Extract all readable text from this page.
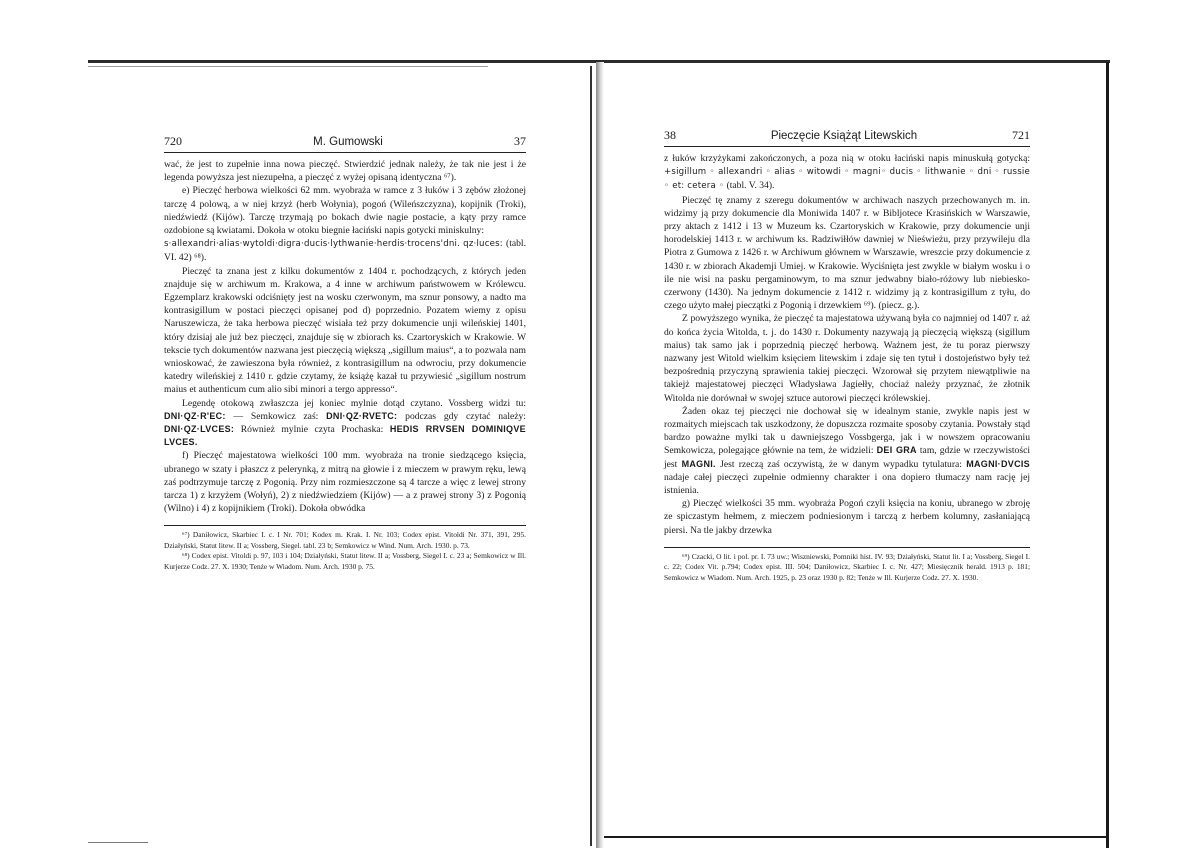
720	M. Gumowski	37

wać, że jest to zupełnie inna nowa pieczęć. Stwierdzić jednak należy, że tak nie jest i że legenda powyższa jest niezupełna, a pieczęć z wyżej opisaną identyczna ⁶⁷).

e) Pieczęć herbowa wielkości 62 mm. wyobraża w ramce z 3 łuków i 3 zębów złożonej tarczę 4 polową, a w niej krzyż (herb Wołynia), pogoń (Wileńszczyzna), kopijnik (Troki), niedźwiedź (Kijów). Tarczę trzymają po bokach dwie nagie postacie, a kąty przy ramce ozdobione są kwiatami. Dokoła w otoku biegnie łaciński napis gotycki miniskulny:

s·allexandri·alias·wytoldi·digra·ducis·lythwanie·herdis·trocens'dni. qz·luces: (tabl. VI. 42) ⁶⁸).

Pieczęć ta znana jest z kilku dokumentów z 1404 r. pochodzących, z których jeden znajduje się w archiwum m. Krakowa, a 4 inne w archiwum państwowem w Królewcu. Egzemplarz krakowski odciśnięty jest na wosku czerwonym, ma sznur ponsowy, a nadto ma kontrasigillum w postaci pieczęci opisanej pod d) poprzednio. Pozatem wiemy z opisu Naruszewicza, że taka herbowa pieczęć wisiała też przy dokumencie unji wileńskiej 1401, który dzisiaj ale już bez pieczęci, znajduje się w zbiorach ks. Czartoryskich w Krakowie. W tekscie tych dokumentów nazwana jest pieczęcią większą „sigillum maius“, a to pozwala nam wnioskować, że zawieszona była również, z kontrasigillum na odwrociu, przy dokumencie katedry wileńskiej z 1410 r. gdzie czytamy, że książę kazał tu przywiesić „sigillum nostrum maius et authenticum cum alio sibi minori a tergo appresso“.

Legendę otokową zwłaszcza jej koniec mylnie dotąd czytano. Vossberg widzi tu: DNI·QZ·R'EC: — Semkowicz zaś: DNI·QZ·RVETC: podczas gdy czytać należy: DNI·QZ·LVCES: Również mylnie czyta Prochaska: HEDIS RRVSEN DOMINIQVE LVCES.

f) Pieczęć majestatowa wielkości 100 mm. wyobraża na tronie siedzącego księcia, ubranego w szaty i płaszcz z pelerynką, z mitrą na głowie i z mieczem w prawym ręku, lewą zaś podtrzymuje tarczę z Pogonią. Przy nim rozmieszczone są 4 tarcze a więc z lewej strony tarcza 1) z krzyżem (Wołyń), 2) z niedźwiedziem (Kijów) — a z prawej strony 3) z Pogonią (Wilno) i 4) z kopijnikiem (Troki). Dokoła obwódka

⁶⁷) Daniłowicz, Skarbiec I. c. I Nr. 701; Kodex m. Krak. I. Nr. 103; Codex epist. Vitoldi Nr. 371, 391, 295. Działyński, Statut litew. II a; Vossberg, Siegel. tabl. 23 b; Semkowicz w Wind. Num. Arch. 1930. p. 73.

⁶⁸) Codex epist. Vitoldi p. 97, 103 i 104; Działyński, Statut litew. II a; Vossberg, Siegel I. c. 23 a; Semkowicz w Ill. Kurjerze Codz. 27. X. 1930; Tenże w Wiadom. Num. Arch. 1930 p. 75.

38	Pieczęcie Książąt Litewskich	721

z łuków krzyżykami zakończonych, a poza nią w otoku łaciński napis minuskułą gotycką: +sigillum ◦ allexandri ◦ alias ◦ witowdi ◦ magni◦ ducis ◦ lithwanie ◦ dni ◦ russie ◦ et: cetera ◦ (tabl. V. 34).

Pieczęć tę znamy z szeregu dokumentów w archiwach naszych przechowanych m. in. widzimy ją przy dokumencie dla Moniwida 1407 r. w Bibljotece Krasińskich w Warszawie, przy aktach z 1412 i 13 w Muzeum ks. Czartoryskich w Krakowie, przy dokumencie unji horodelskiej 1413 r. w archiwum ks. Radziwiłłów dawniej w Nieświeżu, przy przywileju dla Piotra z Gumowa z 1426 r. w Archiwum głównem w Warszawie, wreszcie przy dokumencie z 1430 r. w zbiorach Akademji Umiej. w Krakowie. Wyciśnięta jest zwykle w białym wosku i o ile nie wisi na pasku pergaminowym, to ma sznur jedwabny biało-różowy lub niebiesko-czerwony (1430). Na jednym dokumencie z 1412 r. widzimy ją z kontrasigillum z tyłu, do czego użyto małej pieczątki z Pogonią i drzewkiem ⁶⁹). (piecz. g.).

Z powyższego wynika, że pieczęć ta majestatowa używaną była co najmniej od 1407 r. aż do końca życia Witolda, t. j. do 1430 r. Dokumenty nazywają ją pieczęcią większą (sigillum maius) tak samo jak i poprzednią pieczęć herbową. Ważnem jest, że tu poraz pierwszy nazwany jest Witold wielkim księciem litewskim i zdaje się ten tytuł i dostojeństwo były też bezpośrednią przyczyną sprawienia takiej pieczęci. Wzorował się przytem niewątpliwie na takiejż majestatowej pieczęci Władysława Jagiełły, chociaż należy przyznać, że złotnik Witolda nie dorównał w swojej sztuce autorowi pieczęci królewskiej.

Żaden okaz tej pieczęci nie dochował się w idealnym stanie, zwykle napis jest w rozmaitych miejscach tak uszkodzony, że dopuszcza rozmaite sposoby czytania. Powstały stąd bardzo poważne mylki tak u dawniejszego Vossbgerga, jak i w nowszem opracowaniu Semkowicza, polegające głównie na tem, że widzieli: DEI GRA tam, gdzie w rzeczywistości jest MAGNI. Jest rzeczą zaś oczywistą, że w danym wypadku tytulatura: MAGNI·DVCIS nadaje całej pieczęci zupełnie odmienny charakter i ona dopiero tłumaczy nam rację jej istnienia.

g) Pieczęć wielkości 35 mm. wyobraża Pogoń czyli księcia na koniu, ubranego w zbroję ze spiczastym hełmem, z mieczem podniesionym i tarczą z herbem kolumny, zasłaniającą piersi. Na tle jakby drzewka

⁶⁹) Czacki, O lit. i pol. pr. I. 73 uw.; Wiszniewski, Pomniki hist. IV. 93; Działyński, Statut lit. I a; Vossberg, Siegel I. c. 22; Codex Vit. p.794; Codex epist. III. 504; Daniłowicz, Skarbiec I. c. Nr. 427; Miesięcznik herald. 1913 p. 181; Semkowicz w Wiadom. Num. Arch. 1925, p. 23 oraz 1930 p. 82; Tenże w Ill. Kurjerze Codz. 27. X. 1930.
